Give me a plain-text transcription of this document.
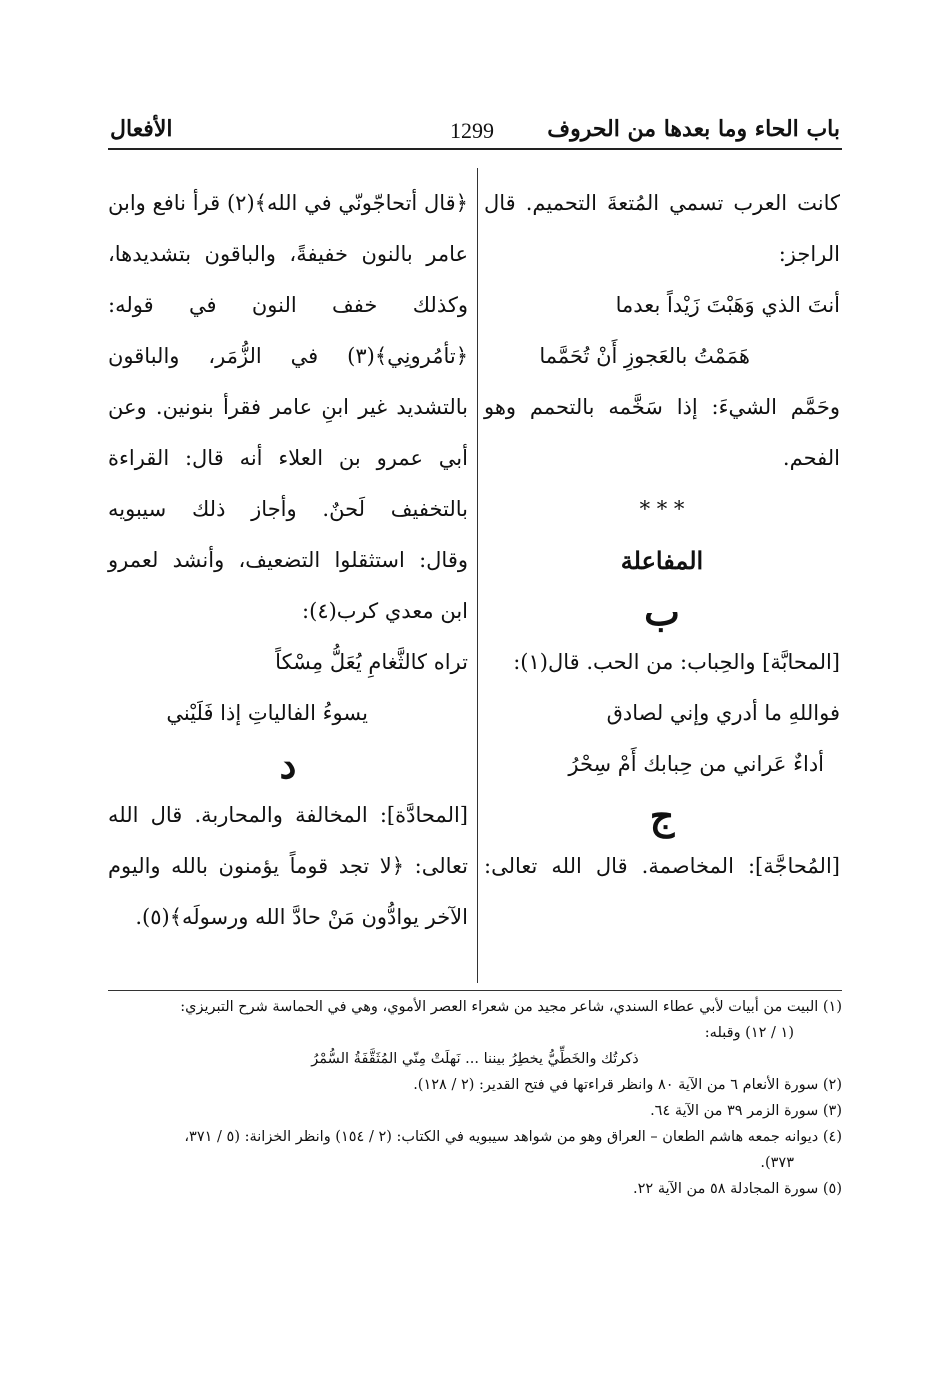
باب الحاء وما بعدها من الحروف
1299
الأفعال
كانت العرب تسمي المُتعةَ التحميم. قال
الراجز:
أنتَ الذي وَهَبْتَ زَيْداً بعدما
هَمَمْتُ بالعَجوزِ أَنْ تُحَمَّما
وحَمَّم الشيءَ: إذا سَخَّمه بالتحمم وهو
الفحم.
* * *
المفاعلة
ب
[المحابَّة] والحِباب: من الحب. قال(١):
فواللهِ ما أدري وإني لصادق
أداءٌ عَراني من حِبابك أَمْ سِحْرُ
ج
[المُحاجَّة]: المخاصمة. قال الله تعالى:
﴿قال أتحاجّونّي في الله﴾(٢) قرأ نافع وابن
عامر بالنون خفيفةً، والباقون بتشديدها،
وكذلك خفف النون في قوله:
﴿تأمُرونِي﴾(٣) في الزُّمَر، والباقون
بالتشديد غير ابنِ عامر فقرأ بنونين. وعن
أبي عمرو بن العلاء أنه قال: القراءة
بالتخفيف لَحنٌ. وأجاز ذلك سيبويه
وقال: استثقلوا التضعيف، وأنشد لعمرو
ابن معدي كرب(٤):
تراه كالثَّغامِ يُعَلُّ مِسْكاً
يسوءُ الفالياتِ إذا فَلَيْني
د
[المحادَّة]: المخالفة والمحاربة. قال الله
تعالى: ﴿لا تجد قوماً يؤمنون بالله واليوم
الآخر يوادُّون مَنْ حادَّ الله ورسولَه﴾(٥).
(١) البيت من أبيات لأبي عطاء السندي، شاعر مجيد من شعراء العصر الأموي، وهي في الحماسة شرح التبريزي:
(١ / ١٢) وقبله:
ذكرتُك والخَطِّيُّ يخطِرُ بيننا ... نَهلَتْ مِنّي المُثَقَّفَةُ السُّمْرُ
(٢) سورة الأنعام ٦ من الآية ٨٠ وانظر قراءتها في فتح القدير: (٢ / ١٢٨).
(٣) سورة الزمر ٣٩ من الآية ٦٤.
(٤) ديوانه جمعه هاشم الطعان – العراق وهو من شواهد سيبويه في الكتاب: (٢ / ١٥٤) وانظر الخزانة: (٥ / ٣٧١،
٣٧٣).
(٥) سورة المجادلة ٥٨ من الآية ٢٢.
